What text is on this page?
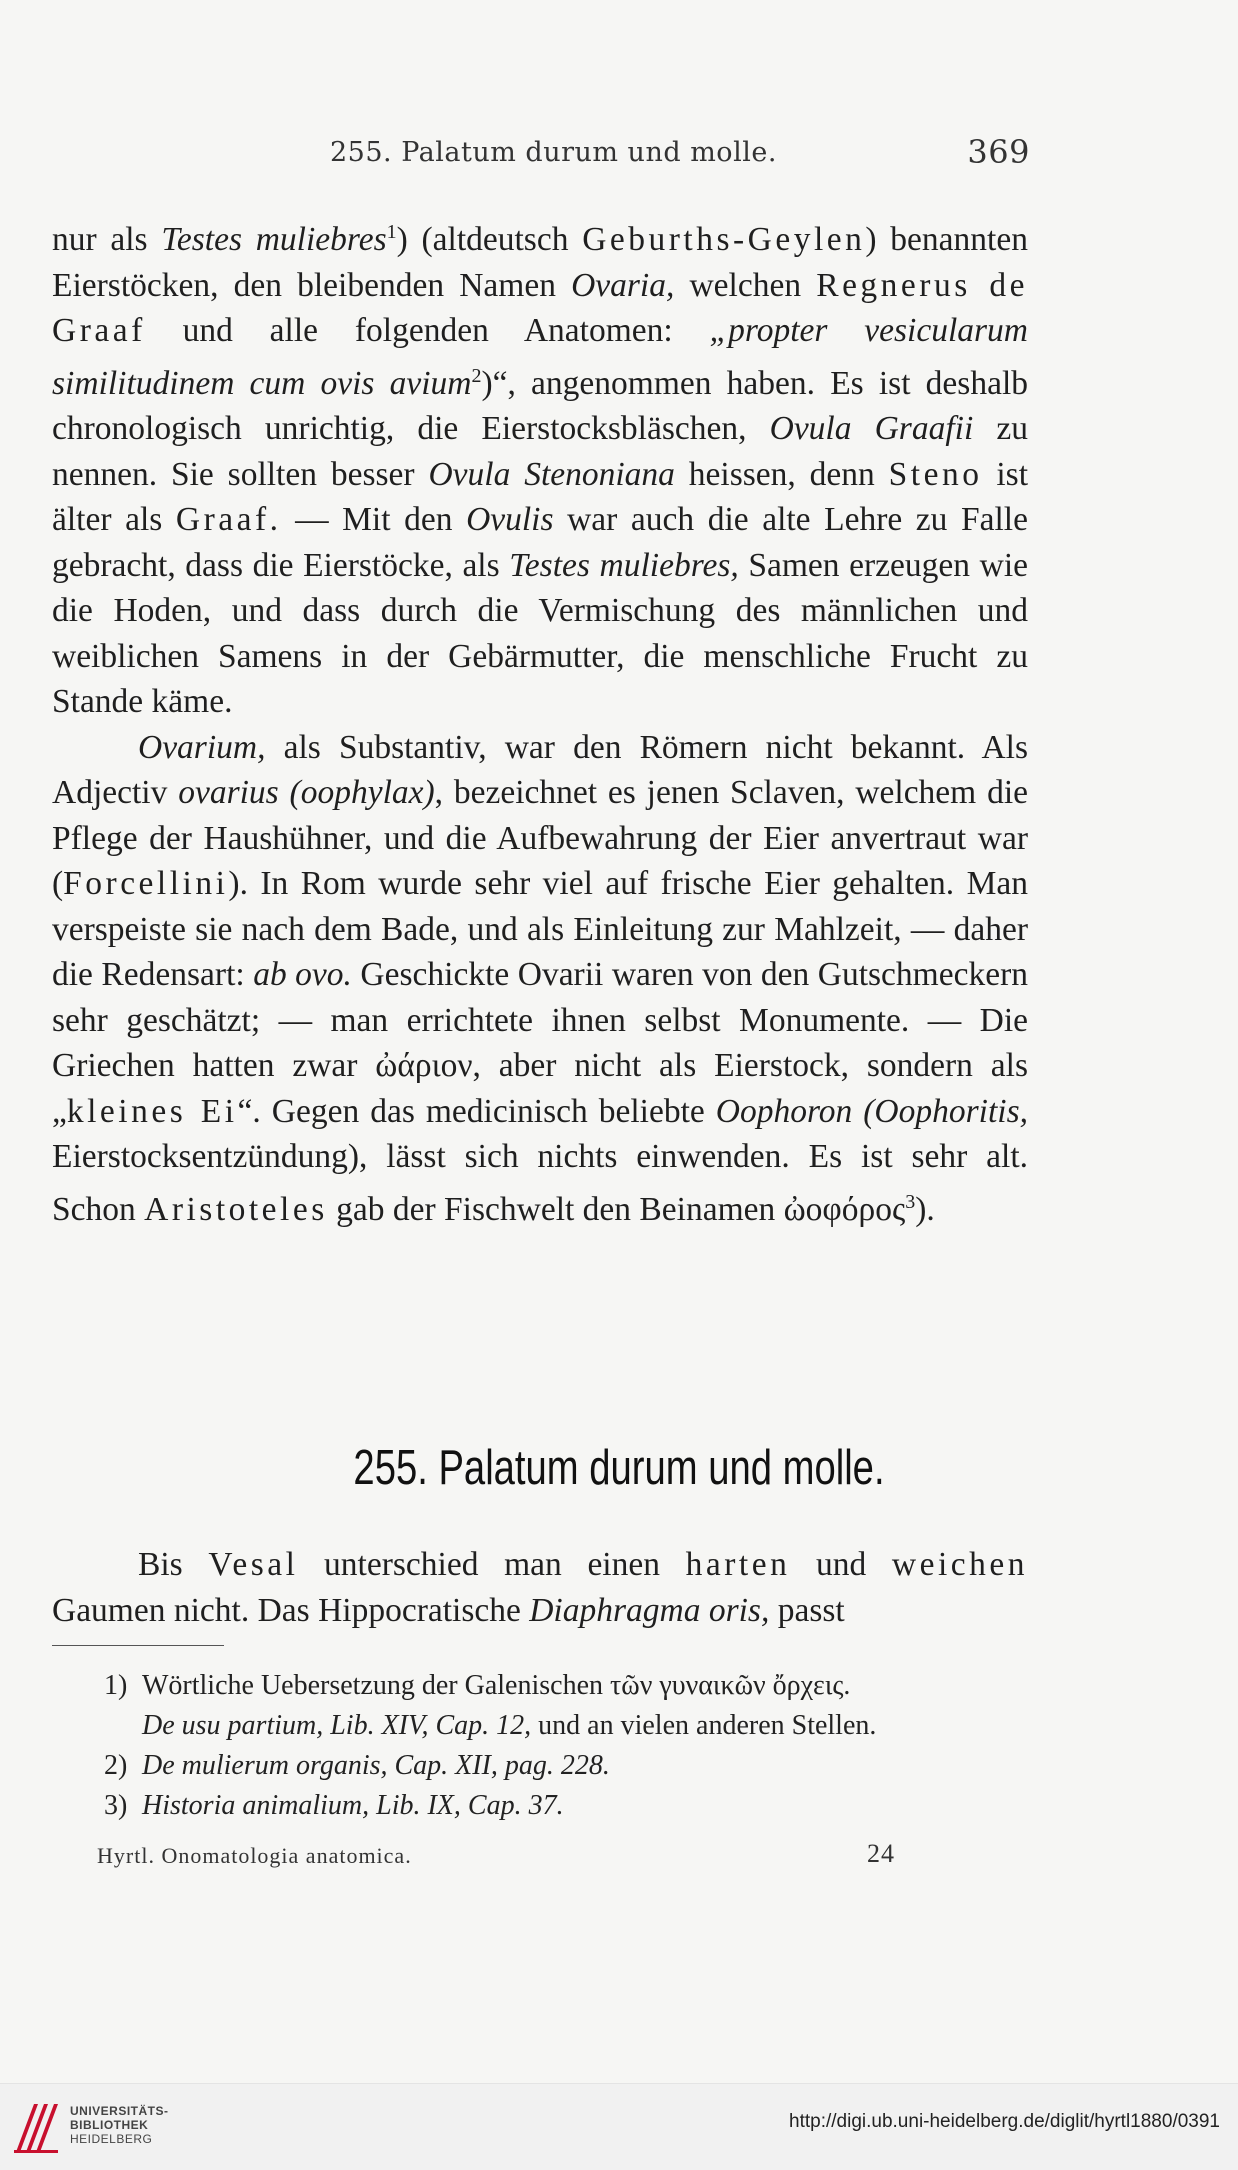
255. Palatum durum und molle.	369

nur als Testes muliebres$^1$) (altdeutsch Geburths-Geylen) benannten Eierstöcken, den bleibenden Namen Ovaria, welchen Regnerus de Graaf und alle folgenden Anatomen: „propter vesicularum similitudinem cum ovis avium$^2$)“, angenommen haben. Es ist deshalb chronologisch unrichtig, die Eierstocksbläschen, Ovula Graafii zu nennen. Sie sollten besser Ovula Stenoniana heissen, denn Steno ist älter als Graaf. — Mit den Ovulis war auch die alte Lehre zu Falle gebracht, dass die Eierstöcke, als Testes muliebres, Samen erzeugen wie die Hoden, und dass durch die Vermischung des männlichen und weiblichen Samens in der Gebärmutter, die menschliche Frucht zu Stande käme.

Ovarium, als Substantiv, war den Römern nicht bekannt. Als Adjectiv ovarius (oophylax), bezeichnet es jenen Sclaven, welchem die Pflege der Haushühner, und die Aufbewahrung der Eier anvertraut war (Forcellini). In Rom wurde sehr viel auf frische Eier gehalten. Man verspeiste sie nach dem Bade, und als Einleitung zur Mahlzeit, — daher die Redensart: ab ovo. Geschickte Ovarii waren von den Gutschmeckern sehr geschätzt; — man errichtete ihnen selbst Monumente. — Die Griechen hatten zwar ὠάριον, aber nicht als Eierstock, sondern als „kleines Ei“. Gegen das medicinisch beliebte Oophoron (Oophoritis, Eierstocksentzündung), lässt sich nichts einwenden. Es ist sehr alt. Schon Aristoteles gab der Fischwelt den Beinamen ὠοφόρος$^3$).

255. Palatum durum und molle.

Bis Vesal unterschied man einen harten und weichen Gaumen nicht. Das Hippocratische Diaphragma oris, passt

1) Wörtliche Uebersetzung der Galenischen τῶν γυναικῶν ὄρχεις.
De usu partium, Lib. XIV, Cap. 12, und an vielen anderen Stellen.
2) De mulierum organis, Cap. XII, pag. 228.
3) Historia animalium, Lib. IX, Cap. 37.
Hyrtl. Onomatologia anatomica.	24
UNIVERSITÄTS-
BIBLIOTHEK
HEIDELBERG
http://digi.ub.uni-heidelberg.de/diglit/hyrtl1880/0391
